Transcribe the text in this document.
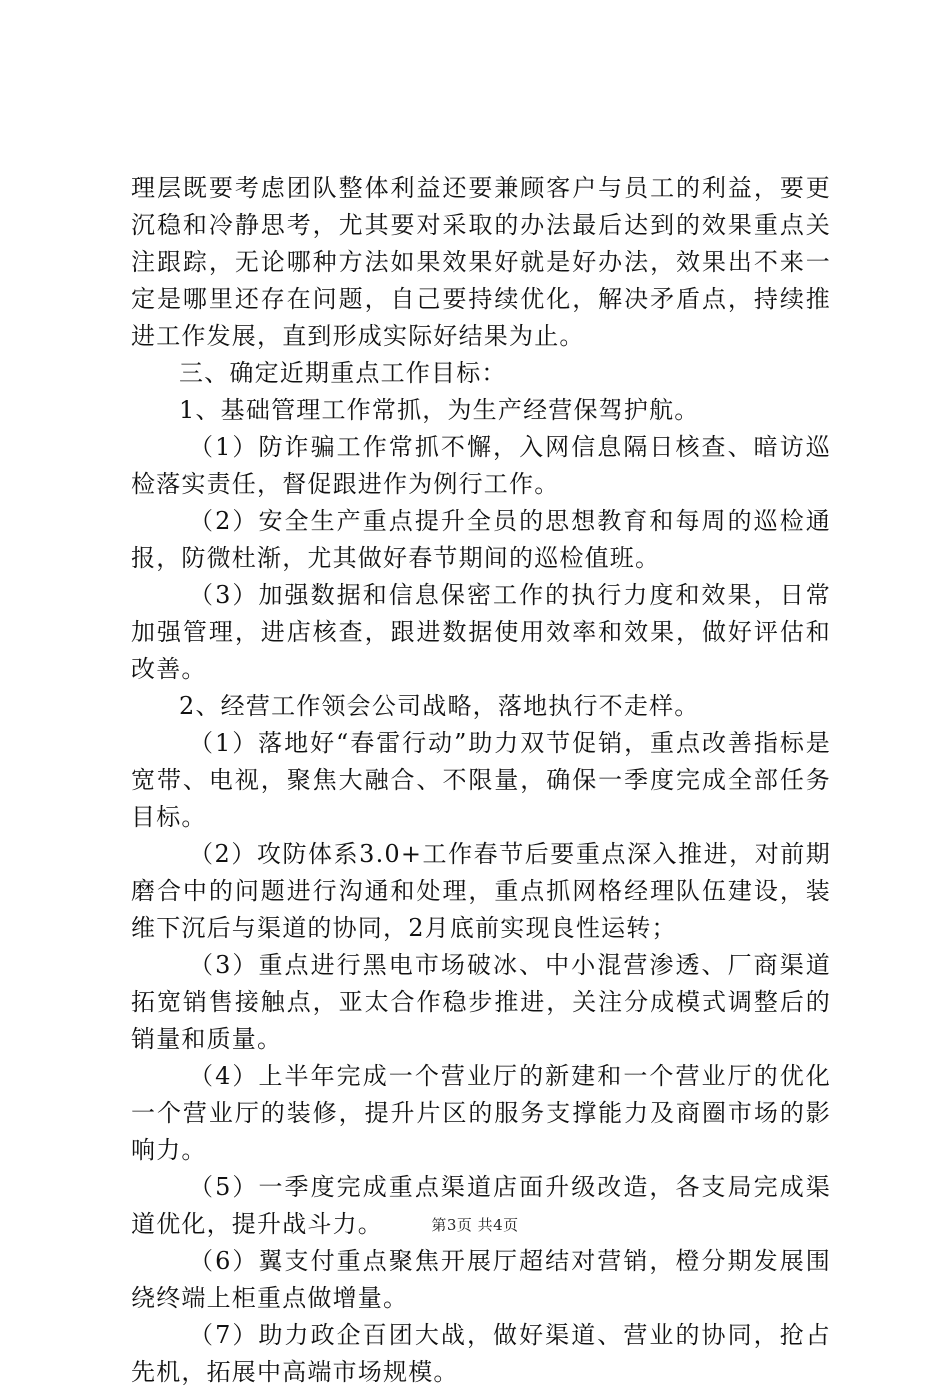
理层既要考虑团队整体利益还要兼顾客户与员工的利益，要更沉稳和冷静思考，尤其要对采取的办法最后达到的效果重点关注跟踪，无论哪种方法如果效果好就是好办法，效果出不来一定是哪里还存在问题，自己要持续优化，解决矛盾点，持续推进工作发展，直到形成实际好结果为止。

三、确定近期重点工作目标：

1、基础管理工作常抓，为生产经营保驾护航。

（1）防诈骗工作常抓不懈，入网信息隔日核查、暗访巡检落实责任，督促跟进作为例行工作。

（2）安全生产重点提升全员的思想教育和每周的巡检通报，防微杜渐，尤其做好春节期间的巡检值班。

（3）加强数据和信息保密工作的执行力度和效果，日常加强管理，进店核查，跟进数据使用效率和效果，做好评估和改善。

2、经营工作领会公司战略，落地执行不走样。

（1）落地好“春雷行动”助力双节促销，重点改善指标是宽带、电视，聚焦大融合、不限量，确保一季度完成全部任务目标。

（2）攻防体系3.0+工作春节后要重点深入推进，对前期磨合中的问题进行沟通和处理，重点抓网格经理队伍建设，装维下沉后与渠道的协同，2月底前实现良性运转；

（3）重点进行黑电市场破冰、中小混营渗透、厂商渠道拓宽销售接触点，亚太合作稳步推进，关注分成模式调整后的销量和质量。

（4）上半年完成一个营业厅的新建和一个营业厅的优化一个营业厅的装修，提升片区的服务支撑能力及商圈市场的影响力。

（5）一季度完成重点渠道店面升级改造，各支局完成渠道优化，提升战斗力。

（6）翼支付重点聚焦开展厅超结对营销，橙分期发展围绕终端上柜重点做增量。

（7）助力政企百团大战，做好渠道、营业的协同，抢占先机，拓展中高端市场规模。

第3页 共4页
